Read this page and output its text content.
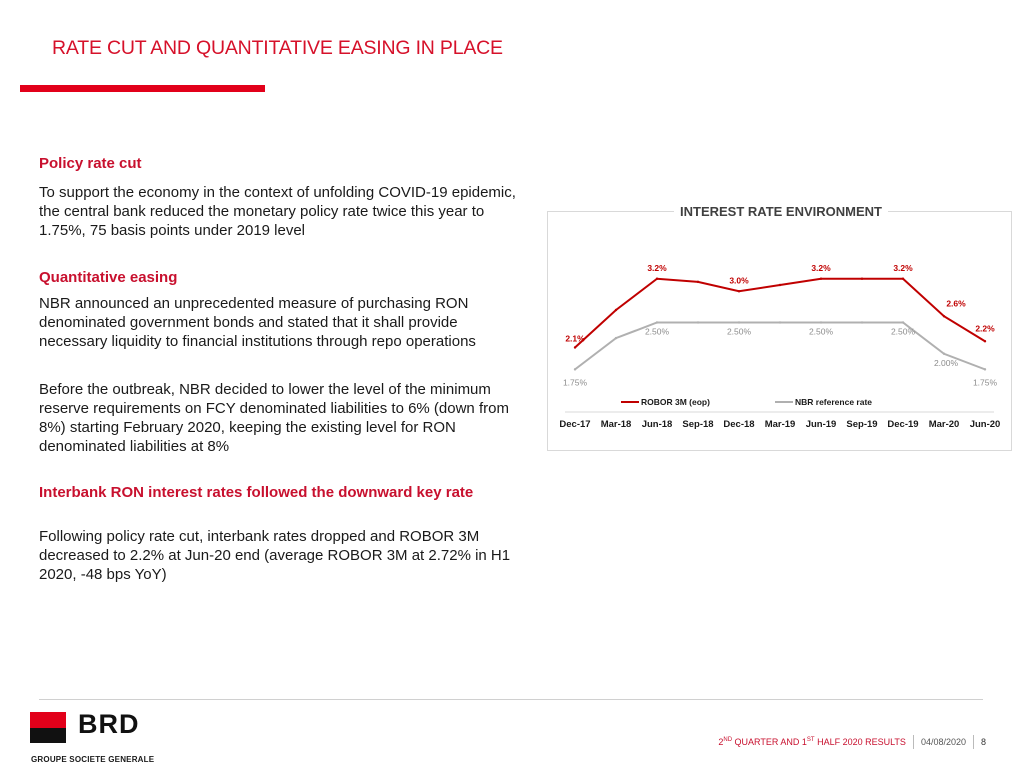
RATE CUT AND QUANTITATIVE EASING IN PLACE
Policy rate cut
To support the economy in the context of unfolding COVID-19 epidemic, the central bank reduced the monetary policy rate twice this year to 1.75%, 75 basis points under 2019 level
Quantitative easing
NBR announced an unprecedented measure of purchasing RON denominated government bonds and stated that it shall provide necessary liquidity to financial institutions through repo operations
Before the outbreak, NBR decided to lower the level of the minimum reserve requirements on FCY denominated liabilities to 6% (down from 8%) starting February 2020, keeping the existing level for RON denominated liabilities at 8%
Interbank RON interest rates followed the downward key rate
Following policy rate cut, interbank rates dropped and ROBOR 3M decreased to 2.2% at Jun-20 end (average ROBOR 3M at 2.72% in H1 2020, -48 bps YoY)
INTEREST RATE ENVIRONMENT
2.1%
3.2%
3.0%
3.2%	3.2%
2.6%
2.2%
1.75%
2.50%	2.50%	2.50%	2.50%
2.00%
1.75%
ROBOR 3M (eop)	NBR reference rate
Dec-17 Mar-18 Jun-18 Sep-18 Dec-18 Mar-19 Jun-19 Sep-19 Dec-19 Mar-20 Jun-20
BRD
GROUPE SOCIETE GENERALE
2ND QUARTER AND 1ST HALF 2020 RESULTS 04/08/2020 8
